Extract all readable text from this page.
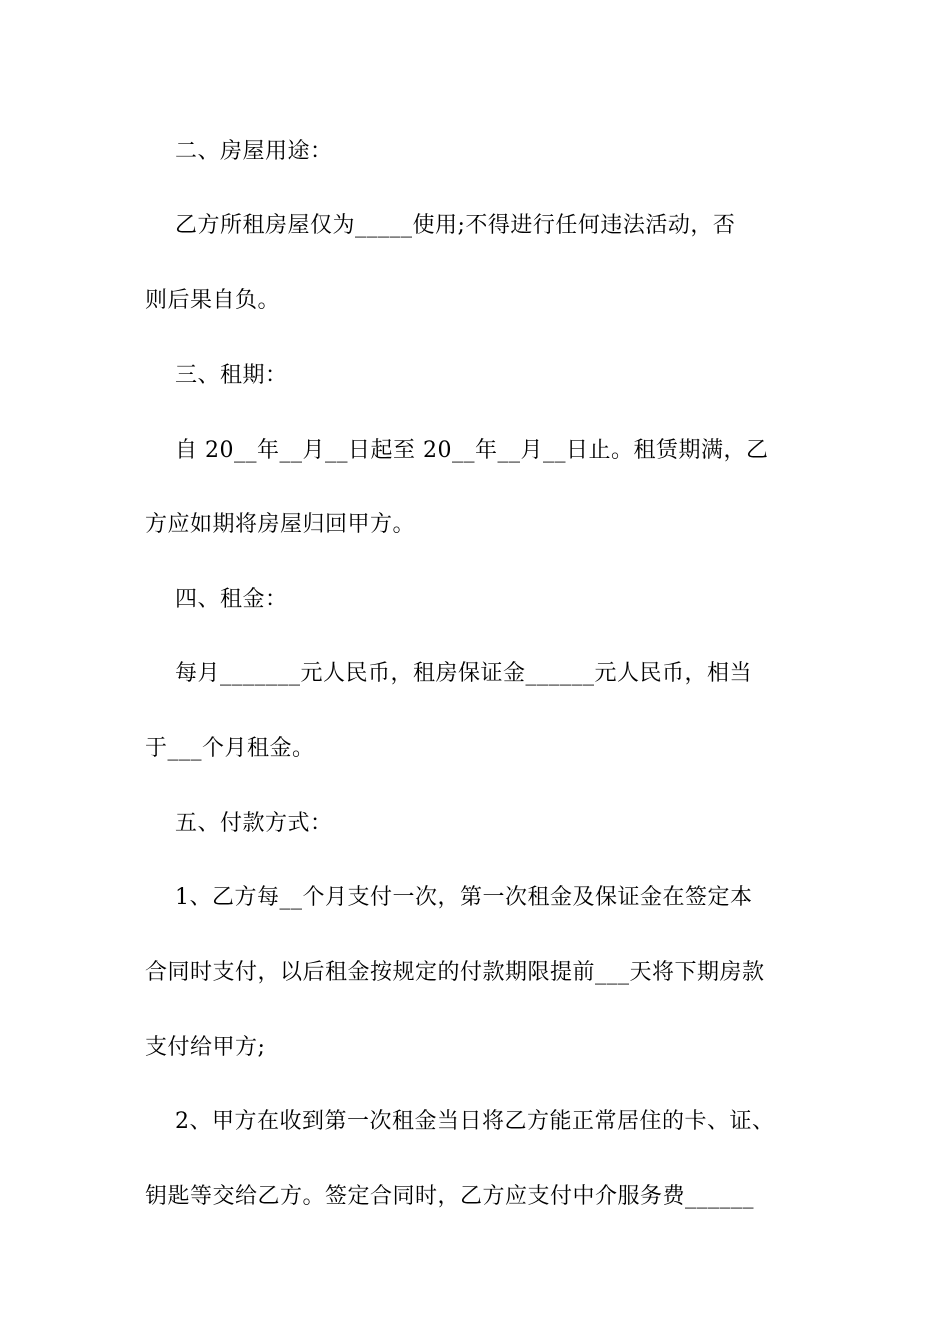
二、房屋用途：
乙方所租房屋仅为_____使用;不得进行任何违法活动，否
则后果自负。
三、租期：
自 20__年__月__日起至 20__年__月__日止。租赁期满，乙
方应如期将房屋归回甲方。
四、租金：
每月_______元人民币，租房保证金______元人民币，相当
于___个月租金。
五、付款方式：
1、乙方每__个月支付一次，第一次租金及保证金在签定本
合同时支付，以后租金按规定的付款期限提前___天将下期房款
支付给甲方;
2、甲方在收到第一次租金当日将乙方能正常居住的卡、证、
钥匙等交给乙方。签定合同时，乙方应支付中介服务费______
